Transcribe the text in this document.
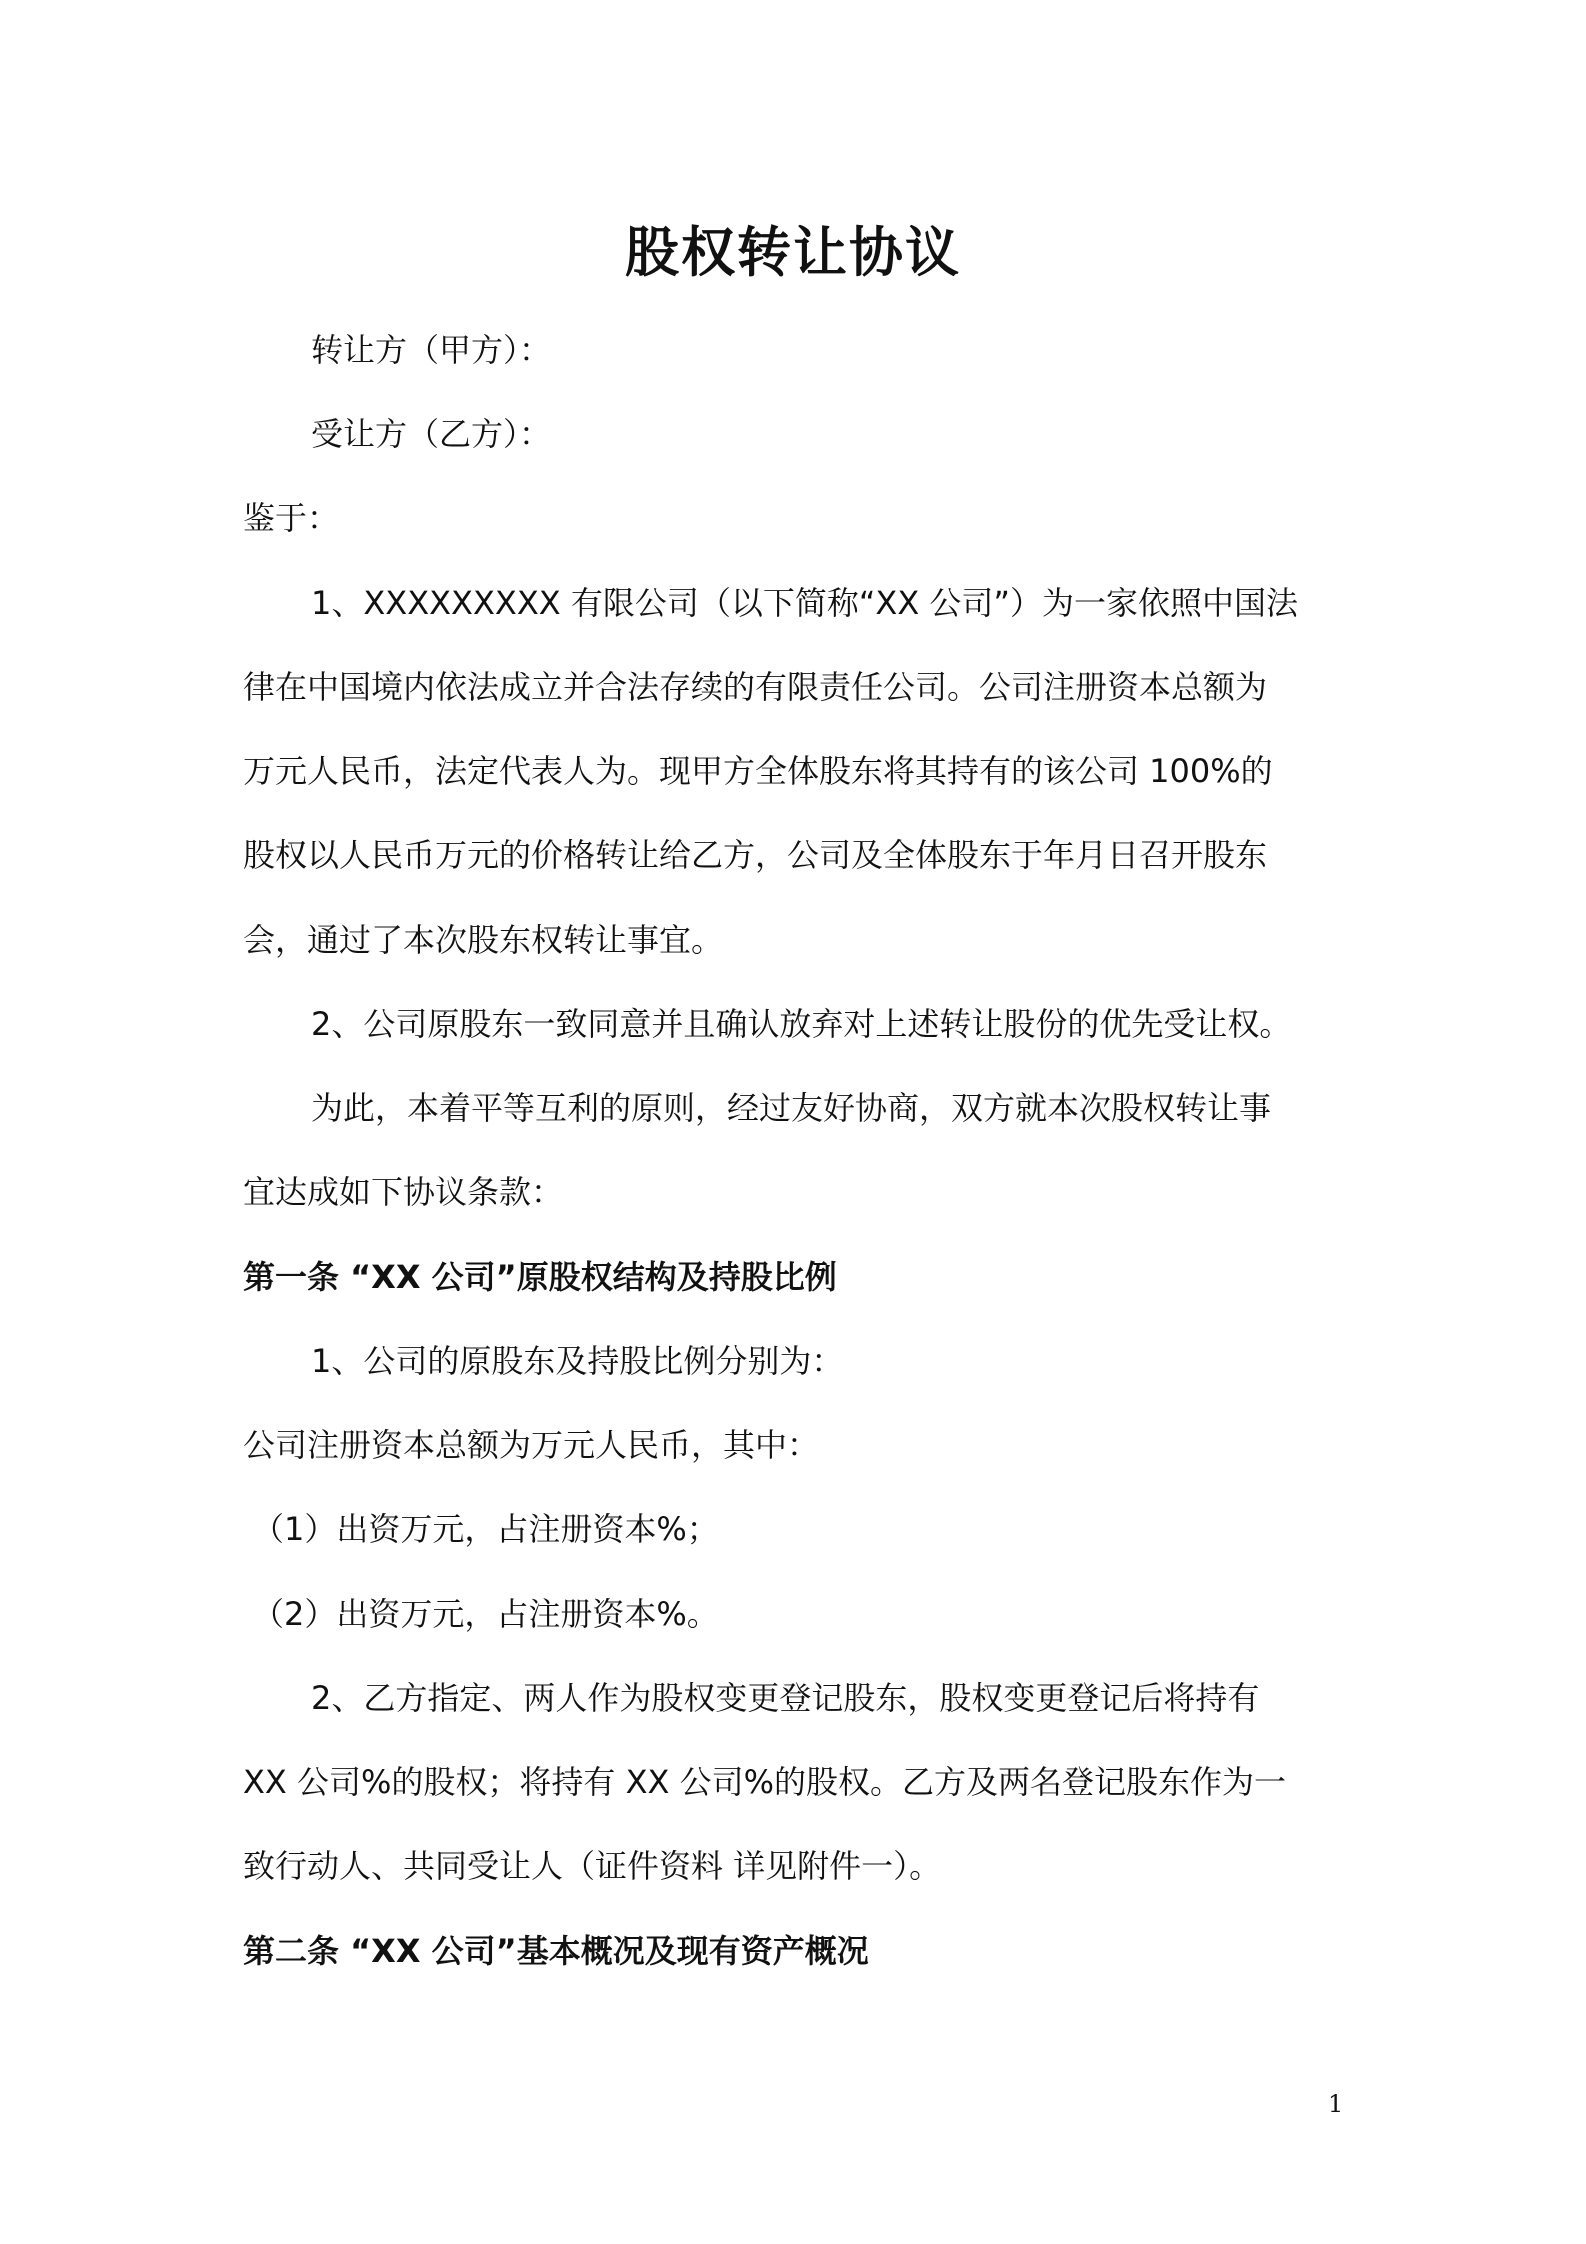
股权转让协议

转让方（甲方）：

受让方（乙方）：

鉴于：

1、XXXXXXXXX 有限公司（以下简称“XX 公司”）为一家依照中国法

律在中国境内依法成立并合法存续的有限责任公司。公司注册资本总额为

万元人民币，法定代表人为。现甲方全体股东将其持有的该公司 100%的

股权以人民币万元的价格转让给乙方，公司及全体股东于年月日召开股东

会，通过了本次股东权转让事宜。

2、公司原股东一致同意并且确认放弃对上述转让股份的优先受让权。

为此，本着平等互利的原则，经过友好协商，双方就本次股权转让事

宜达成如下协议条款：

第一条 “XX 公司”原股权结构及持股比例

1、公司的原股东及持股比例分别为：

公司注册资本总额为万元人民币，其中：

（1）出资万元，占注册资本%；

（2）出资万元，占注册资本%。

2、乙方指定、两人作为股权变更登记股东，股权变更登记后将持有

XX 公司%的股权；将持有 XX 公司%的股权。乙方及两名登记股东作为一

致行动人、共同受让人（证件资料 详见附件一）。

第二条 “XX 公司”基本概况及现有资产概况

1
